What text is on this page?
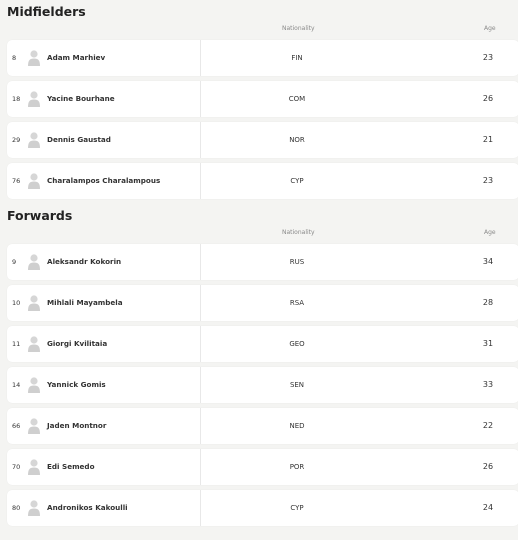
Midfielders
Nationality	Age
8	Adam Marhiev	FIN	23
18	Yacine Bourhane	COM	26
29	Dennis Gaustad	NOR	21
76	Charalampos Charalampous	CYP	23
Forwards
Nationality	Age
9	Aleksandr Kokorin	RUS	34
10	Mihlali Mayambela	RSA	28
11	Giorgi Kvilitaia	GEO	31
14	Yannick Gomis	SEN	33
66	Jaden Montnor	NED	22
70	Edi Semedo	POR	26
80	Andronikos Kakoulli	CYP	24
